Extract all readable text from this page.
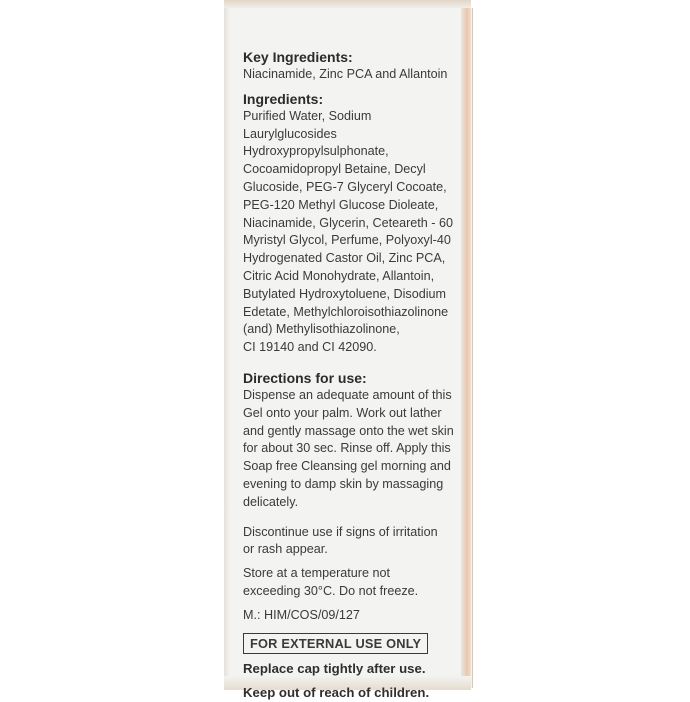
Key Ingredients:
Niacinamide, Zinc PCA and Allantoin
Ingredients:
Purified Water, Sodium Laurylglucosides
Hydroxypropylsulphonate,
Cocoamidopropyl Betaine, Decyl
Glucoside, PEG-7 Glyceryl Cocoate,
PEG-120 Methyl Glucose Dioleate,
Niacinamide, Glycerin, Ceteareth - 60
Myristyl Glycol, Perfume, Polyoxyl-40
Hydrogenated Castor Oil, Zinc PCA,
Citric Acid Monohydrate, Allantoin,
Butylated Hydroxytoluene, Disodium
Edetate, Methylchloroisothiazolinone
(and) Methylisothiazolinone,
CI 19140 and CI 42090.
Directions for use:
Dispense an adequate amount of this
Gel onto your palm. Work out lather
and gently massage onto the wet skin
for about 30 sec. Rinse off. Apply this
Soap free Cleansing gel morning and
evening to damp skin by massaging
delicately.
Discontinue use if signs of irritation
or rash appear.
Store at a temperature not
exceeding 30°C. Do not freeze.
M.: HIM/COS/09/127
FOR EXTERNAL USE ONLY
Replace cap tightly after use.
Keep out of reach of children.
